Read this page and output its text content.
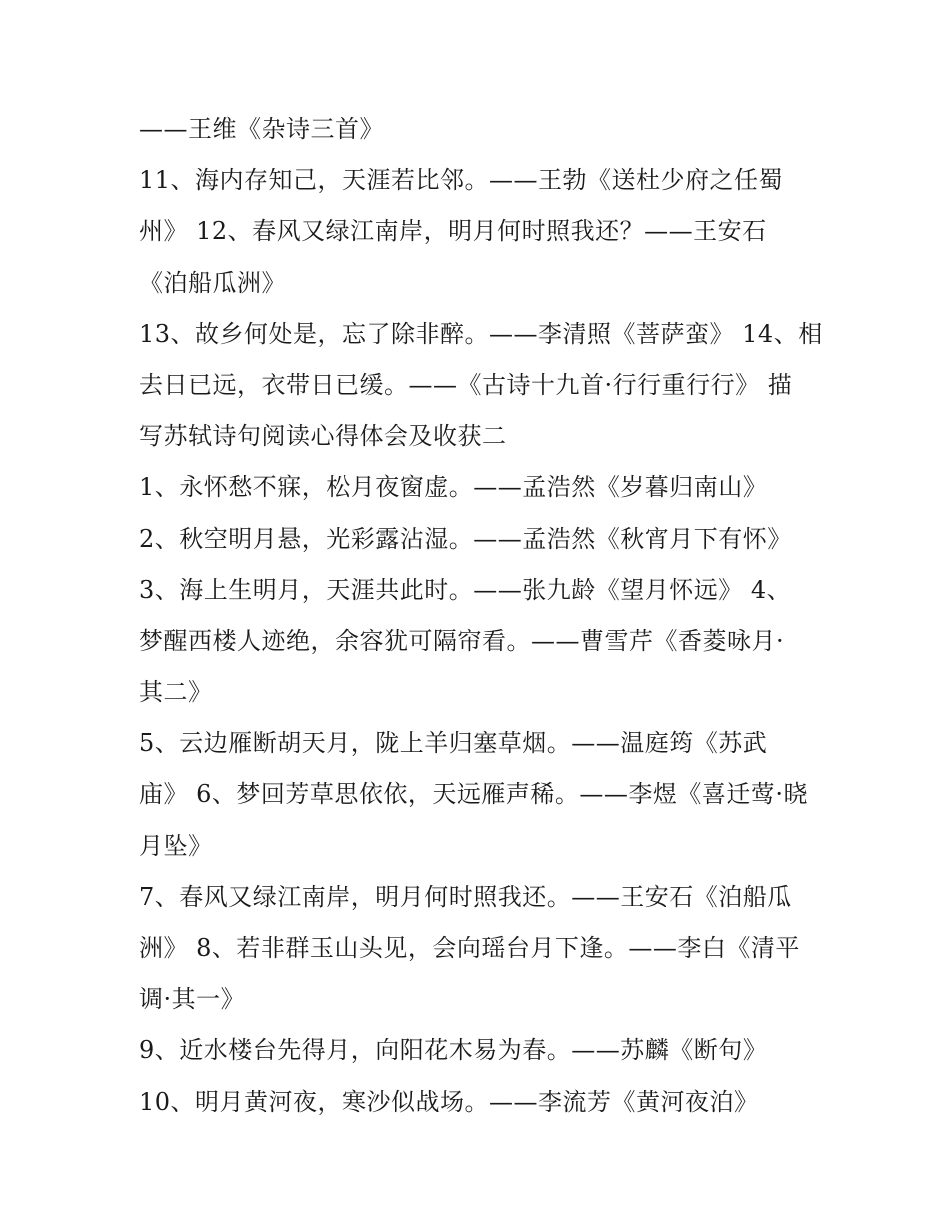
——王维《杂诗三首》
11、海内存知己，天涯若比邻。——王勃《送杜少府之任蜀
州》 12、春风又绿江南岸，明月何时照我还？——王安石
《泊船瓜洲》
13、故乡何处是，忘了除非醉。——李清照《菩萨蛮》 14、相
去日已远，衣带日已缓。——《古诗十九首·行行重行行》 描
写苏轼诗句阅读心得体会及收获二
1、永怀愁不寐，松月夜窗虚。——孟浩然《岁暮归南山》
2、秋空明月悬，光彩露沾湿。——孟浩然《秋宵月下有怀》
3、海上生明月，天涯共此时。——张九龄《望月怀远》 4、
梦醒西楼人迹绝，余容犹可隔帘看。——曹雪芹《香菱咏月·
其二》
5、云边雁断胡天月，陇上羊归塞草烟。——温庭筠《苏武
庙》 6、梦回芳草思依依，天远雁声稀。——李煜《喜迁莺·晓
月坠》
7、春风又绿江南岸，明月何时照我还。——王安石《泊船瓜
洲》 8、若非群玉山头见，会向瑶台月下逢。——李白《清平
调·其一》
9、近水楼台先得月，向阳花木易为春。——苏麟《断句》
10、明月黄河夜，寒沙似战场。——李流芳《黄河夜泊》
